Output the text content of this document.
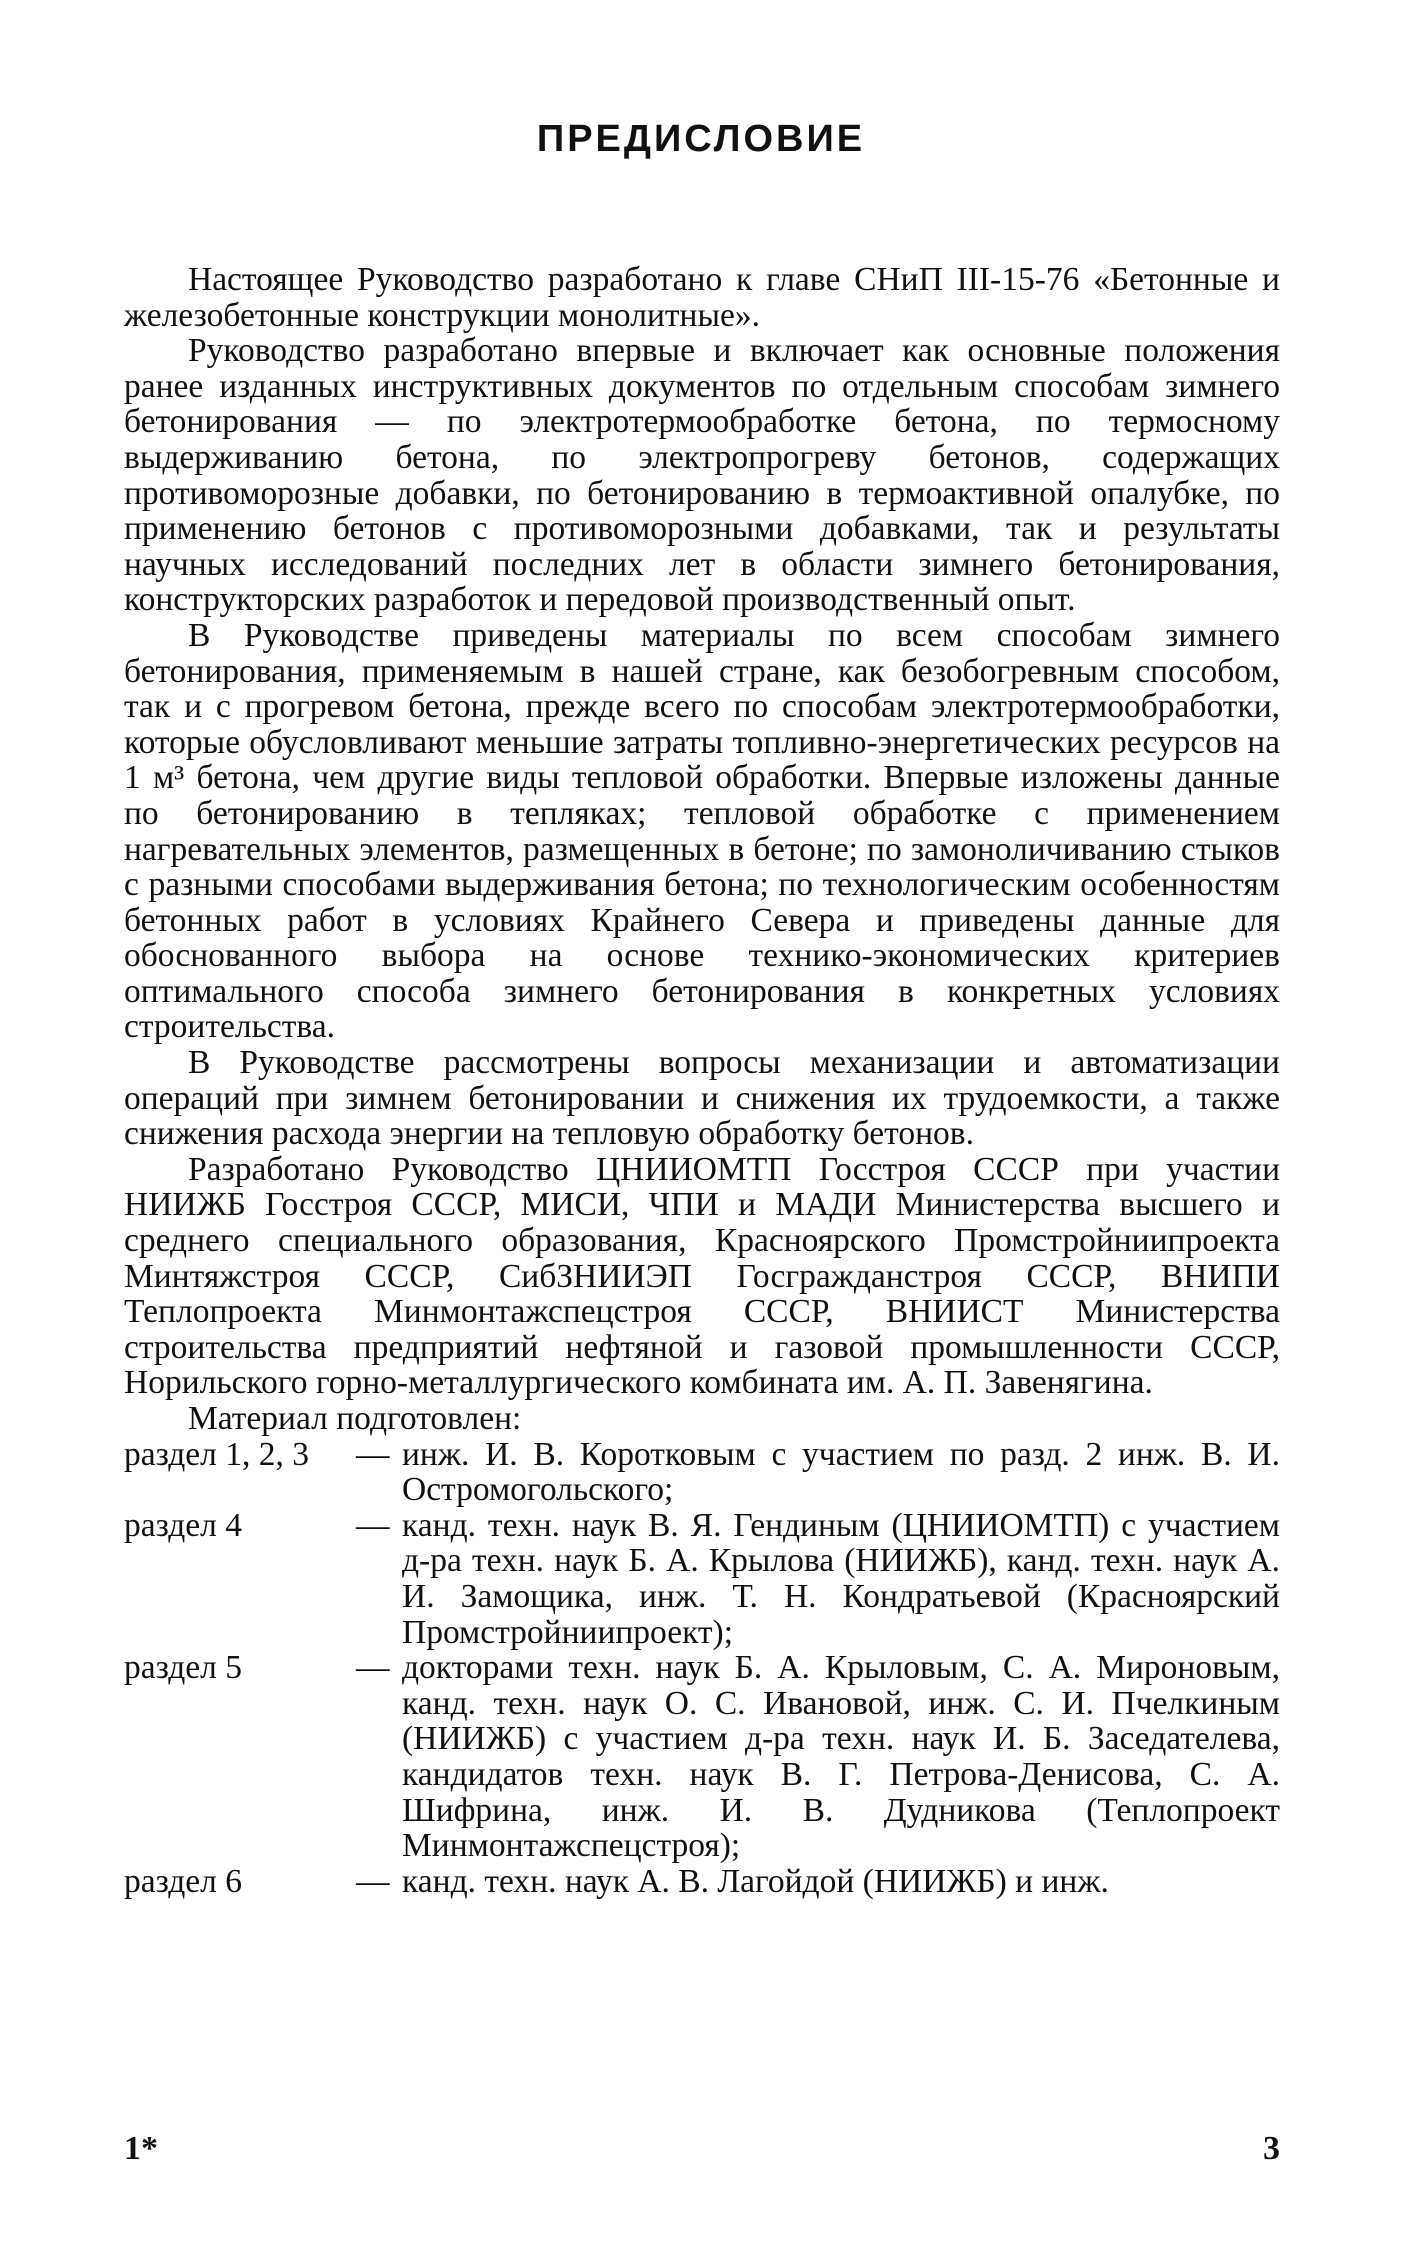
ПРЕДИСЛОВИЕ

Настоящее Руководство разработано к главе СНиП III-15-76 «Бетонные и железобетонные конструкции монолитные».

Руководство разработано впервые и включает как основные положения ранее изданных инструктивных документов по отдельным способам зимнего бетонирования — по электротермообработке бетона, по термосному выдерживанию бетона, по электропрогреву бетонов, содержащих противоморозные добавки, по бетонированию в термоактивной опалубке, по применению бетонов с противоморозными добавками, так и результаты научных исследований последних лет в области зимнего бетонирования, конструкторских разработок и передовой производственный опыт.

В Руководстве приведены материалы по всем способам зимнего бетонирования, применяемым в нашей стране, как безобогревным способом, так и с прогревом бетона, прежде всего по способам электротермообработки, которые обусловливают меньшие затраты топливно-энергетических ресурсов на 1 м³ бетона, чем другие виды тепловой обработки. Впервые изложены данные по бетонированию в тепляках; тепловой обработке с применением нагревательных элементов, размещенных в бетоне; по замоноличиванию стыков с разными способами выдерживания бетона; по технологическим особенностям бетонных работ в условиях Крайнего Севера и приведены данные для обоснованного выбора на основе технико-экономических критериев оптимального способа зимнего бетонирования в конкретных условиях строительства.

В Руководстве рассмотрены вопросы механизации и автоматизации операций при зимнем бетонировании и снижения их трудоемкости, а также снижения расхода энергии на тепловую обработку бетонов.

Разработано Руководство ЦНИИОМТП Госстроя СССР при участии НИИЖБ Госстроя СССР, МИСИ, ЧПИ и МАДИ Министерства высшего и среднего специального образования, Красноярского Промстройниипроекта Минтяжстроя СССР, СибЗНИИЭП Госгражданстроя СССР, ВНИПИ Теплопроекта Минмонтажспецстроя СССР, ВНИИСТ Министерства строительства предприятий нефтяной и газовой промышленности СССР, Норильского горно-металлургического комбината им. А. П. Завенягина.

Материал подготовлен:

раздел 1, 2, 3	— инж. И. В. Коротковым с участием по разд. 2 инж. В. И. Остромогольского;
раздел 4	— канд. техн. наук В. Я. Гендиным (ЦНИИОМТП) с участием д-ра техн. наук Б. А. Крылова (НИИЖБ), канд. техн. наук А. И. Замощика, инж. Т. Н. Кондратьевой (Красноярский Промстройниипроект);
раздел 5	— докторами техн. наук Б. А. Крыловым, С. А. Мироновым, канд. техн. наук О. С. Ивановой, инж. С. И. Пчелкиным (НИИЖБ) с участием д-ра техн. наук И. Б. Заседателева, кандидатов техн. наук В. Г. Петрова-Денисова, С. А. Шифрина, инж. И. В. Дудникова (Теплопроект Минмонтажспецстроя);
раздел 6	— канд. техн. наук А. В. Лагойдой (НИИЖБ) и инж.
1*	3
